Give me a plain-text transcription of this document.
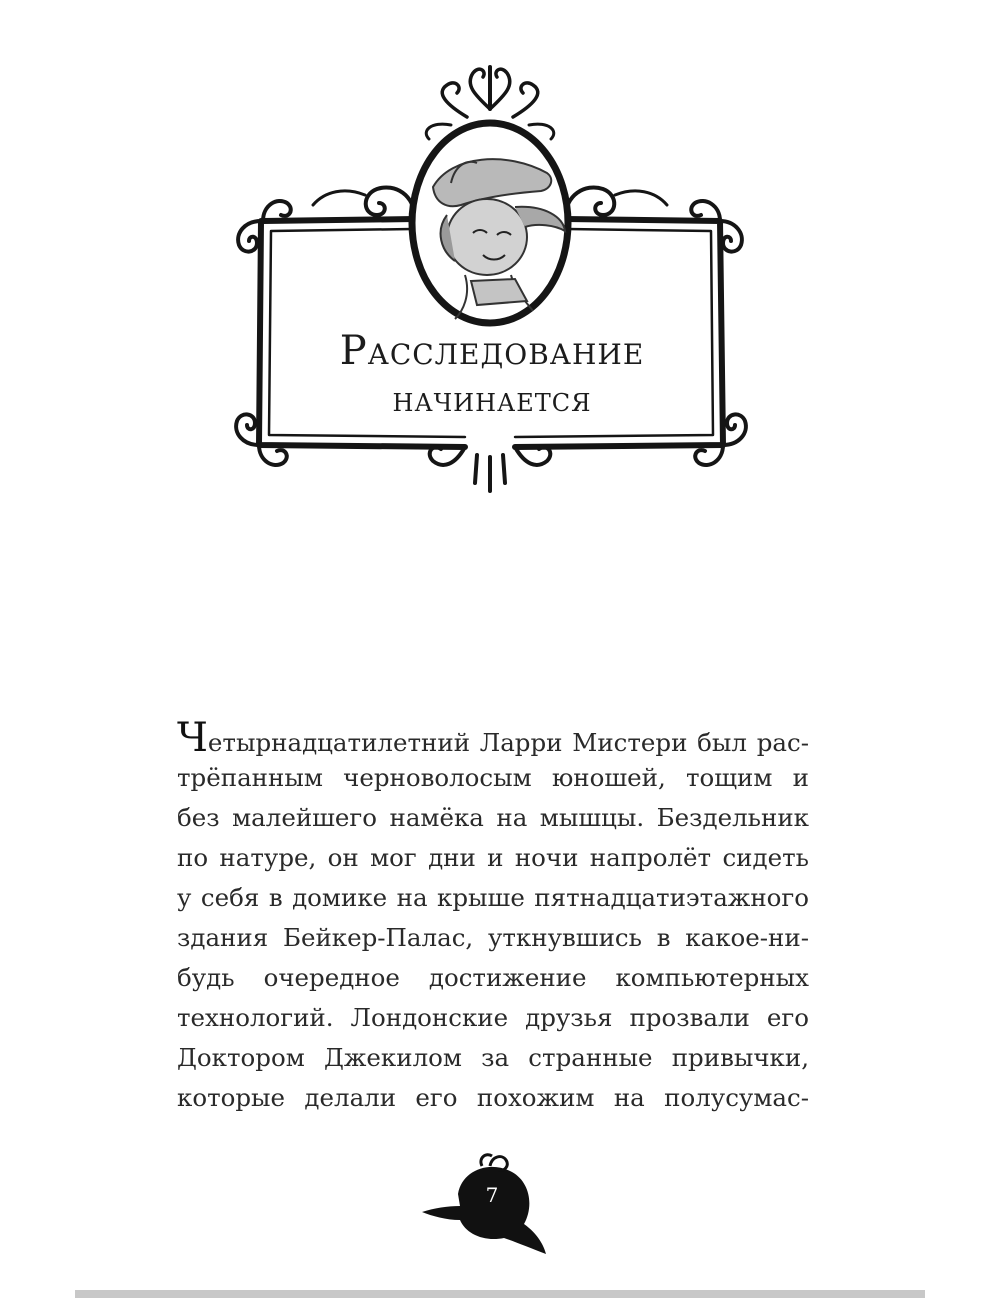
Расследование
начинается
Четырнадцатилетний Ларри Мистери был рас-
трёпанным черноволосым юношей, тощим и
без малейшего намёка на мышцы. Бездельник
по натуре, он мог дни и ночи напролёт сидеть
у себя в домике на крыше пятнадцатиэтажного
здания Бейкер-Палас, уткнувшись в какое-ни-
будь очередное достижение компьютерных
технологий. Лондонские друзья прозвали его
Доктором Джекилом за странные привычки,
которые делали его похожим на полусумас-
7
